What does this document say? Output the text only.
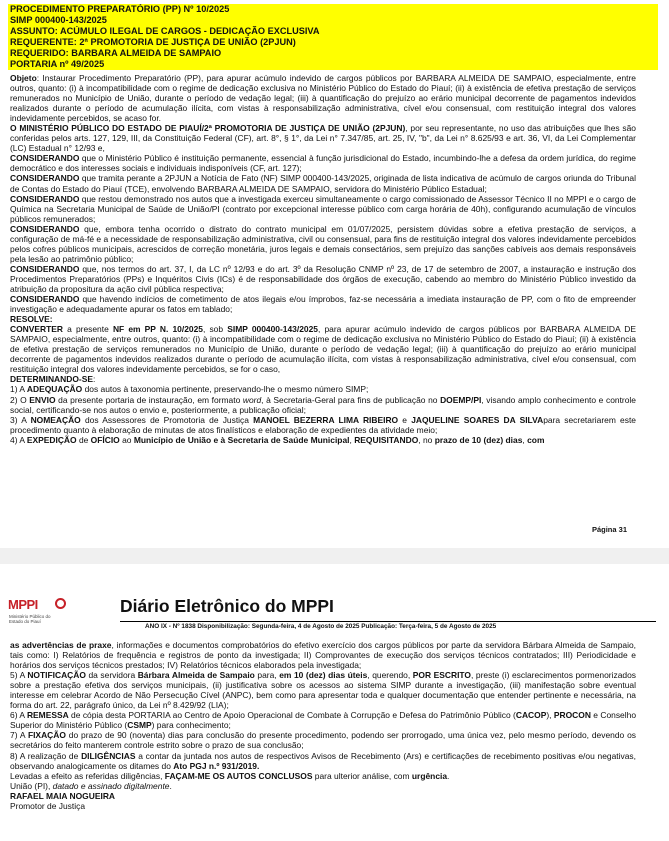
PROCEDIMENTO PREPARATÓRIO (PP) Nº 10/2025
SIMP 000400-143/2025
ASSUNTO: ACÚMULO ILEGAL DE CARGOS - DEDICAÇÃO EXCLUSIVA
REQUERENTE: 2ª PROMOTORIA DE JUSTIÇA DE UNIÃO (2PJUN)
REQUERIDO: BARBARA ALMEIDA DE SAMPAIO
PORTARIA nº 49/2025

Objeto: Instaurar Procedimento Preparatório (PP), para apurar acúmulo indevido de cargos públicos por BARBARA ALMEIDA DE SAMPAIO, especialmente, entre outros, quanto: (i) à incompatibilidade com o regime de dedicação exclusiva no Ministério Público do Estado do Piauí; (ii) à existência de efetiva prestação de serviços remunerados no Município de União, durante o período de vedação legal; (iii) à quantificação do prejuízo ao erário municipal decorrente de pagamentos indevidos realizados durante o período de acumulação ilícita, com vistas à responsabilização administrativa, cível e/ou consensual, com restituição integral dos valores indevidamente percebidos, se acaso for.

O MINISTÉRIO PÚBLICO DO ESTADO DE PIAUÍ/2ª PROMOTORIA DE JUSTIÇA DE UNIÃO (2PJUN), por seu representante, no uso das atribuições que lhes são conferidas pelos arts. 127, 129, III, da Constituição Federal (CF), art. 8°, § 1°, da Lei n° 7.347/85, art. 25, IV, "b", da Lei n° 8.625/93 e art. 36, VI, da Lei Complementar (LC) Estadual n° 12/93 e,

CONSIDERANDO que o Ministério Público é instituição permanente, essencial à função jurisdicional do Estado, incumbindo-lhe a defesa da ordem jurídica, do regime democrático e dos interesses sociais e individuais indisponíveis (CF, art. 127);

CONSIDERANDO que tramita perante a 2PJUN a Notícia de Fato (NF) SIMP 000400-143/2025, originada de lista indicativa de acúmulo de cargos oriunda do Tribunal de Contas do Estado do Piauí (TCE), envolvendo BARBARA ALMEIDA DE SAMPAIO, servidora do Ministério Público Estadual;

CONSIDERANDO que restou demonstrado nos autos que a investigada exerceu simultaneamente o cargo comissionado de Assessor Técnico II no MPPI e o cargo de Química na Secretaria Municipal de Saúde de União/PI (contrato por excepcional interesse público com carga horária de 40h), configurando acumulação de vínculos públicos remunerados;

CONSIDERANDO que, embora tenha ocorrido o distrato do contrato municipal em 01/07/2025, persistem dúvidas sobre a efetiva prestação de serviços, a configuração de má-fé e a necessidade de responsabilização administrativa, civil ou consensual, para fins de restituição integral dos valores indevidamente percebidos pelos cofres públicos municipais, acrescidos de correção monetária, juros legais e demais consectários, sem prejuízo das sanções cabíveis aos demais responsáveis pela lesão ao patrimônio público;

CONSIDERANDO que, nos termos do art. 37, I, da LC nº 12/93 e do art. 3º da Resolução CNMP nº 23, de 17 de setembro de 2007, a instauração e instrução dos Procedimentos Preparatórios (PPs) e Inquéritos Civis (ICs) é de responsabilidade dos órgãos de execução, cabendo ao membro do Ministério Público investido da atribuição da propositura da ação civil pública respectiva;

CONSIDERANDO que havendo indícios de cometimento de atos ilegais e/ou ímprobos, faz-se necessária a imediata instauração de PP, com o fito de empreender investigação e adequadamente apurar os fatos em tablado;

RESOLVE:

CONVERTER a presente NF em PP N. 10/2025, sob SIMP 000400-143/2025, para apurar acúmulo indevido de cargos públicos por BARBARA ALMEIDA DE SAMPAIO, especialmente, entre outros, quanto: (i) à incompatibilidade com o regime de dedicação exclusiva no Ministério Público do Estado do Piauí; (ii) à existência de efetiva prestação de serviços remunerados no Município de União, durante o período de vedação legal; (iii) à quantificação do prejuízo ao erário municipal decorrente de pagamentos indevidos realizados durante o período de acumulação ilícita, com vistas à responsabilização administrativa, cível e/ou consensual, com restituição integral dos valores indevidamente percebidos, se for o caso,

DETERMINANDO-SE:

1) A ADEQUAÇÃO dos autos à taxonomia pertinente, preservando-lhe o mesmo número SIMP;

2) O ENVIO da presente portaria de instauração, em formato word, à Secretaria-Geral para fins de publicação no DOEMP/PI, visando amplo conhecimento e controle social, certificando-se nos autos o envio e, posteriormente, a publicação oficial;

3) A NOMEAÇÃO dos Assessores de Promotoria de Justiça MANOEL BEZERRA LIMA RIBEIRO e JAQUELINE SOARES DA SILVApara secretariarem este procedimento quanto à elaboração de minutas de atos finalísticos e elaboração de expedientes da atividade meio;

4) A EXPEDIÇÃO de OFÍCIO ao Município de União e à Secretaria de Saúde Municipal, REQUISITANDO, no prazo de 10 (dez) dias, com

Página 31
MPPI
Ministério Público do Estado do Piauí
Diário Eletrônico do MPPI
ANO IX - Nº 1838 Disponibilização: Segunda-feira, 4 de Agosto de 2025 Publicação: Terça-feira, 5 de Agosto de 2025

as advertências de praxe, informações e documentos comprobatórios do efetivo exercício dos cargos públicos por parte da servidora Bárbara Almeida de Sampaio, tais como: I) Relatórios de frequência e registros de ponto da investigada; II) Comprovantes de execução dos serviços técnicos contratados; III) Periodicidade e horários dos serviços técnicos prestados; IV) Relatórios técnicos elaborados pela investigada;

5) A NOTIFICAÇÃO da servidora Bárbara Almeida de Sampaio para, em 10 (dez) dias úteis, querendo, POR ESCRITO, preste (i) esclarecimentos pormenorizados sobre a prestação efetiva dos serviços municipais, (ii) justificativa sobre os acessos ao sistema SIMP durante a investigação, (iii) manifestação sobre eventual interesse em celebrar Acordo de Não Persecução Cível (ANPC), bem como para apresentar toda e qualquer documentação que entender pertinente e necessária, na forma do art. 22, parágrafo único, da Lei nº 8.429/92 (LIA);

6) A REMESSA de cópia desta PORTARIA ao Centro de Apoio Operacional de Combate à Corrupção e Defesa do Patrimônio Público (CACOP), PROCON e Conselho Superior do Ministério Público (CSMP) para conhecimento;

7) A FIXAÇÃO do prazo de 90 (noventa) dias para conclusão do presente procedimento, podendo ser prorrogado, uma única vez, pelo mesmo período, devendo os secretários do feito manterem controle estrito sobre o prazo de sua conclusão;

8) A realização de DILIGÊNCIAS a contar da juntada nos autos de respectivos Avisos de Recebimento (Ars) e certificações de recebimento positivas e/ou negativas, observando analogicamente os ditames do Ato PGJ n.º 931/2019.

Levadas a efeito as referidas diligências, FAÇAM-ME OS AUTOS CONCLUSOS para ulterior análise, com urgência.

União (PI), datado e assinado digitalmente.

RAFAEL MAIA NOGUEIRA

Promotor de Justiça
